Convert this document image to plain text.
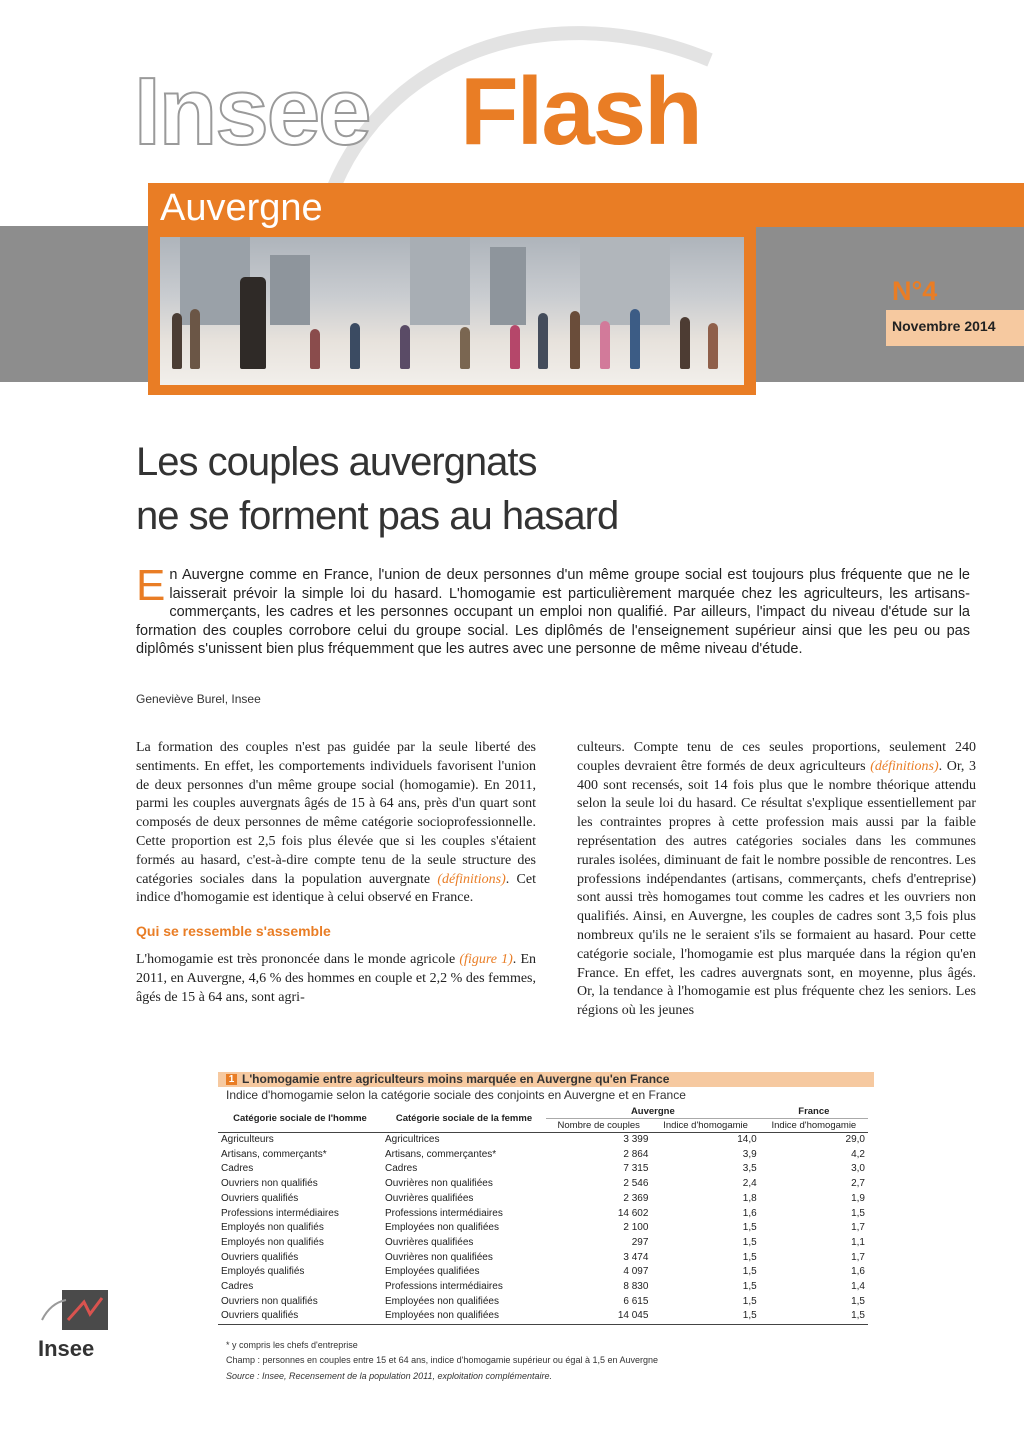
Insee Flash
Auvergne
N°4
Novembre 2014
Les couples auvergnats
ne se forment pas au hasard
En Auvergne comme en France, l'union de deux personnes d'un même groupe social est toujours plus fréquente que ne le laisserait prévoir la simple loi du hasard. L'homogamie est particulièrement marquée chez les agriculteurs, les artisans-commerçants, les cadres et les personnes occupant un emploi non qualifié. Par ailleurs, l'impact du niveau d'étude sur la formation des couples corrobore celui du groupe social. Les diplômés de l'enseignement supérieur ainsi que les peu ou pas diplômés s'unissent bien plus fréquemment que les autres avec une personne de même niveau d'étude.
Geneviève Burel, Insee

La formation des couples n'est pas guidée par la seule liberté des sentiments. En effet, les comportements individuels favorisent l'union de deux personnes d'un même groupe social (homogamie). En 2011, parmi les couples auvergnats âgés de 15 à 64 ans, près d'un quart sont composés de deux personnes de même catégorie socioprofessionnelle. Cette proportion est 2,5 fois plus élevée que si les couples s'étaient formés au hasard, c'est-à-dire compte tenu de la seule structure des catégories sociales dans la population auvergnate (définitions). Cet indice d'homogamie est identique à celui observé en France.

Qui se ressemble s'assemble

L'homogamie est très prononcée dans le monde agricole (figure 1). En 2011, en Auvergne, 4,6 % des hommes en couple et 2,2 % des femmes, âgés de 15 à 64 ans, sont agri-

culteurs. Compte tenu de ces seules proportions, seulement 240 couples devraient être formés de deux agriculteurs (définitions). Or, 3 400 sont recensés, soit 14 fois plus que le nombre théorique attendu selon la seule loi du hasard. Ce résultat s'explique essentiellement par les contraintes propres à cette profession mais aussi par la faible représentation des autres catégories sociales dans les communes rurales isolées, diminuant de fait le nombre possible de rencontres. Les professions indépendantes (artisans, commerçants, chefs d'entreprise) sont aussi très homogames tout comme les cadres et les ouvriers non qualifiés. Ainsi, en Auvergne, les couples de cadres sont 3,5 fois plus nombreux qu'ils ne le seraient s'ils se formaient au hasard. Pour cette catégorie sociale, l'homogamie est plus marquée dans la région qu'en France. En effet, les cadres auvergnats sont, en moyenne, plus âgés. Or, la tendance à l'homogamie est plus fréquente chez les seniors. Les régions où les jeunes

1 L'homogamie entre agriculteurs moins marquée en Auvergne qu'en France
Indice d'homogamie selon la catégorie sociale des conjoints en Auvergne et en France
Catégorie sociale de l'homme	Catégorie sociale de la femme	Auvergne		France
		Nombre de couples	Indice d'homogamie	Indice d'homogamie
Agriculteurs	Agricultrices	3 399	14,0	29,0
Artisans, commerçants*	Artisans, commerçantes*	2 864	3,9	4,2
Cadres	Cadres	7 315	3,5	3,0
Ouvriers non qualifiés	Ouvrières non qualifiées	2 546	2,4	2,7
Ouvriers qualifiés	Ouvrières qualifiées	2 369	1,8	1,9
Professions intermédiaires	Professions intermédiaires	14 602	1,6	1,5
Employés non qualifiés	Employées non qualifiées	2 100	1,5	1,7
Employés non qualifiés	Ouvrières qualifiées	297	1,5	1,1
Ouvriers qualifiés	Ouvrières non qualifiées	3 474	1,5	1,7
Employés qualifiés	Employées qualifiées	4 097	1,5	1,6
Cadres	Professions intermédiaires	8 830	1,5	1,4
Ouvriers non qualifiés	Employées non qualifiées	6 615	1,5	1,5
Ouvriers qualifiés	Employées non qualifiées	14 045	1,5	1,5
* y compris les chefs d'entreprise
Champ : personnes en couples entre 15 et 64 ans, indice d'homogamie supérieur ou égal à 1,5 en Auvergne
Source : Insee, Recensement de la population 2011, exploitation complémentaire.
Insee
